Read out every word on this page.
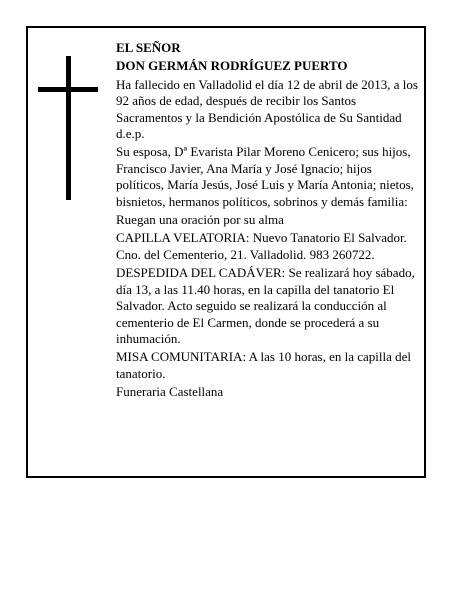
EL SEÑOR

DON GERMÁN RODRÍGUEZ PUERTO

Ha fallecido en Valladolid el día 12 de abril de 2013, a los 92 años de edad, después de recibir los Santos Sacramentos y la Bendición Apostólica de Su Santidad d.e.p.

Su esposa, Dª Evarista Pilar Moreno Cenicero; sus hijos, Francisco Javier, Ana María y José Ignacio; hijos políticos, María Jesús, José Luis y María Antonia; nietos, bisnietos, hermanos políticos, sobrinos y demás familia:

Ruegan una oración por su alma

CAPILLA VELATORIA: Nuevo Tanatorio El Salvador. Cno. del Cementerio, 21. Valladolid. 983 260722.

DESPEDIDA DEL CADÁVER: Se realizará hoy sábado, día 13, a las 11.40 horas, en la capilla del tanatorio El Salvador. Acto seguido se realizará la conducción al cementerio de El Carmen, donde se procederá a su inhumación.

MISA COMUNITARIA: A las 10 horas, en la capilla del tanatorio.

Funeraria Castellana
